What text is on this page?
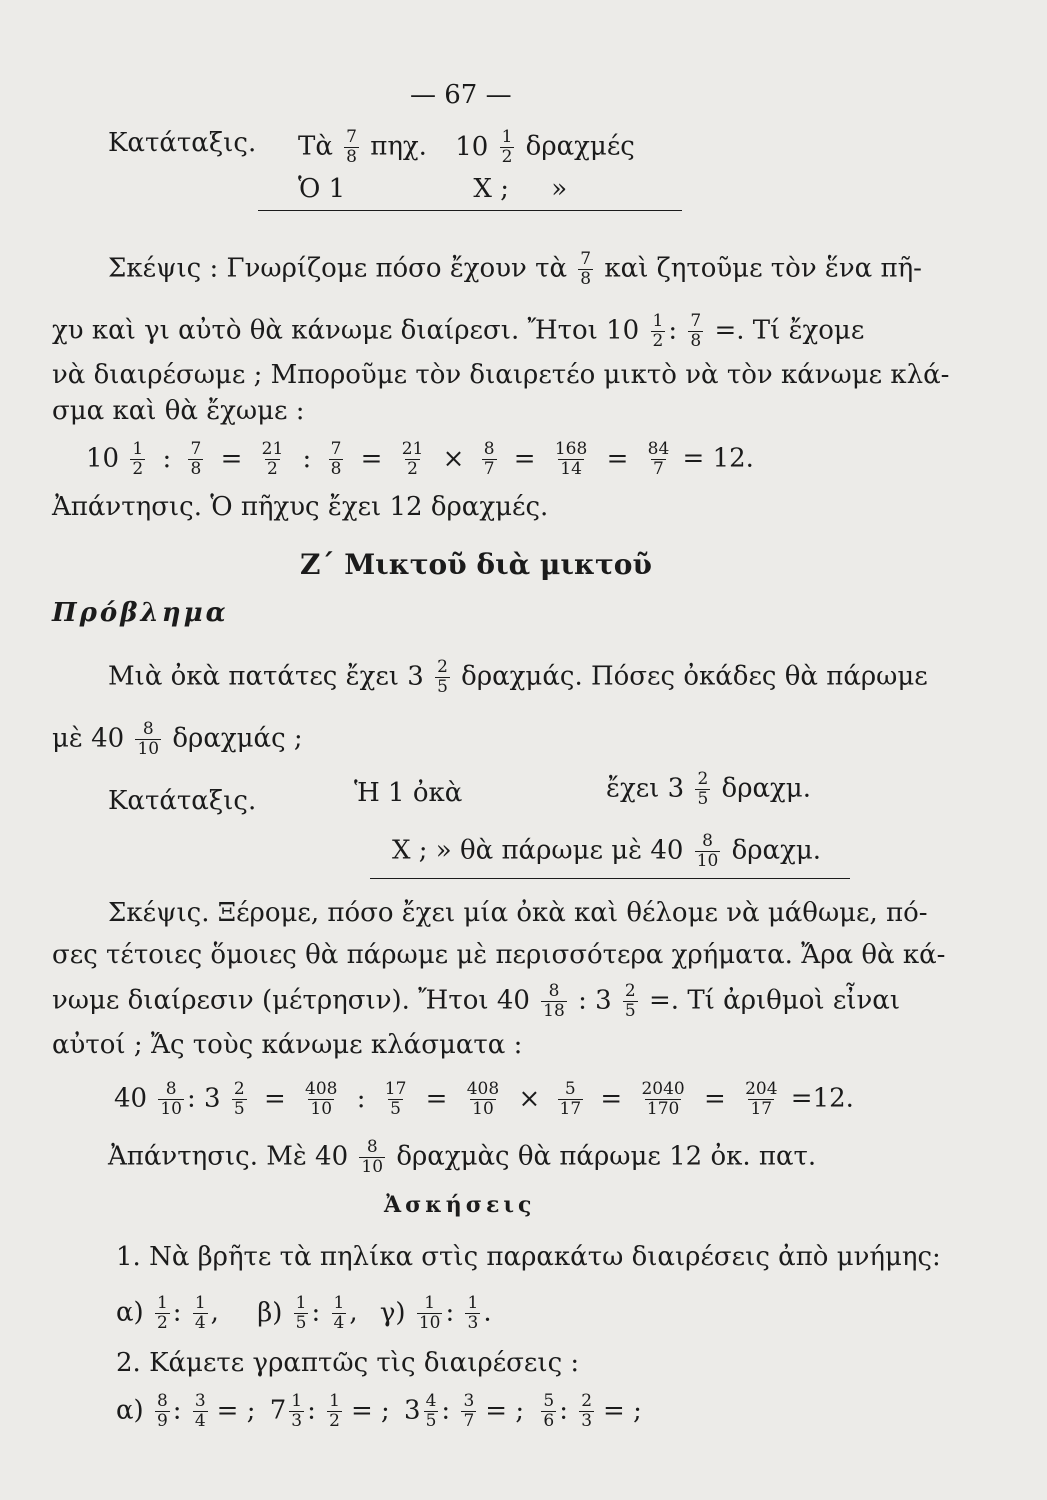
— 67 —
Κατάταξις. Τὰ $\frac{7}{8} \pi\eta\chi$. $10 \frac{1}{2}$ δραχμές
Ὁ 1	Χ ; »
Σκέψις : Γνωρίζομε πόσο ἔχουν τὰ $\frac{7}{8}$ καὶ ζητοῦμε τὸν ἕνα πῆ-
χυ καὶ γι αὐτὸ θὰ κάνωμε διαίρεσι. Ἤτοι $10 \frac{1}{2}$ : $\frac{7}{8}$ =. Τί ἔχομε
νὰ διαιρέσωμε ; Μποροῦμε τὸν διαιρετέο μικτὸ νὰ τὸν κάνωμε κλά-
σμα καὶ θὰ ἔχωμε :
$10 \frac{1}{2}$ : $\frac{7}{8} = \frac{21}{2}$ : $\frac{7}{8} = \frac{21}{2} \times \frac{8}{7} = \frac{168}{14} = \frac{84}{7} = 12$.
Ἀπάντησις. Ὁ πῆχυς ἔχει 12 δραχμές.
Ζ΄ Μικτοῦ διὰ μικτοῦ
Πρόβλημα
Μιὰ ὀκὰ πατάτες ἔχει $3 \frac{2}{5} \delta\rho\alpha\chi\mu ά\varsigma$. Πόσες ὀκάδες θὰ πάρωμε
μὲ $40 \frac{8}{10}$ δραχμάς ;
Κατάταξις.	Ἡ 1 ὀκὰ	ἔχει $3 \frac{2}{5} \delta\rho\alpha\chi\mu$.
Χ ; » θὰ πάρωμε μὲ $40 \frac{8}{10} \delta\rho\alpha\chi\mu$.
Σκέψις. Ξέρομε, πόσο ἔχει μία ὀκὰ καὶ θέλομε νὰ μάθωμε, πό-
σες τέτοιες ὅμοιες θὰ πάρωμε μὲ περισσότερα χρήματα. Ἄρα θὰ κά-
νωμε διαίρεσιν (μέτρησιν). Ἤτοι $40 \frac{8}{18}$ : $3 \frac{2}{5}$ =. Τί ἀριθμοὶ εἶναι
αὐτοί ; Ἄς τοὺς κάνωμε κλάσματα :
$40 \frac{8}{10}$ : $3 \frac{2}{5} = \frac{408}{10}$ : $\frac{17}{5} = \frac{408}{10} \times \frac{5}{17} = \frac{2040}{170} = \frac{204}{17} =12$.
Ἀπάντησις. Μὲ $40 \frac{8}{10}$ δραχμὰς θὰ πάρωμε 12 ὀκ. πατ.
Ἀσκήσεις
1. Νὰ βρῆτε τὰ πηλίκα στὶς παρακάτω διαιρέσεις ἀπὸ μνήμης:
$\alpha) \frac{1}{2}$ : $\frac{1}{4}$ , $\beta) \frac{1}{5}$ : $\frac{1}{4}$ , $\gamma) \frac{1}{10}$ : $\frac{1}{3}$ .
2. Κάμετε γραπτῶς τὶς διαιρέσεις :
$\alpha) \frac{8}{9}$ : $\frac{3}{4}$ = ; $7 \frac{1}{3}$ : $\frac{1}{2}$ = ; $3 \frac{4}{5}$ : $\frac{3}{7}$ = ; $\frac{5}{6}$ : $\frac{2}{3}$ = ;
